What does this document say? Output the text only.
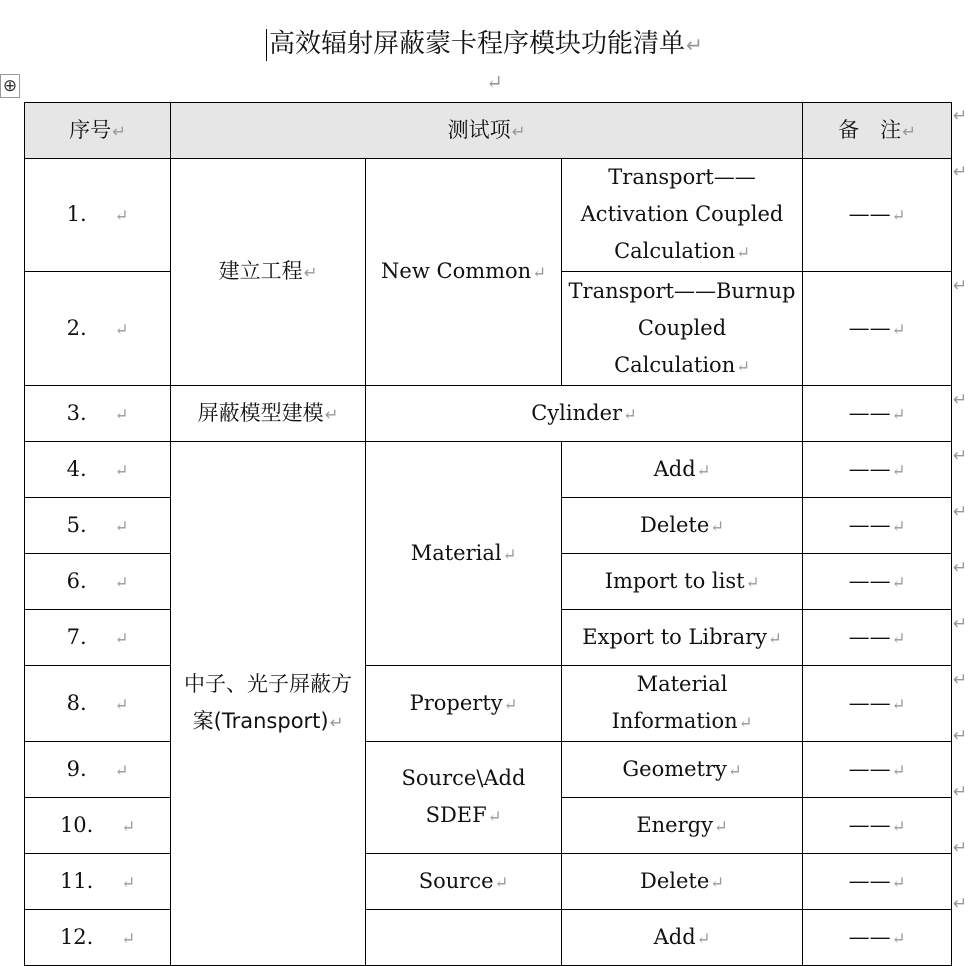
高效辐射屏蔽蒙卡程序模块功能清单↵
⊕	↵
序号↵	测试项↵			备　注↵
1. ↵	建立工程↵	New Common↵	Transport——Activation Coupled Calculation↵	——↵
2. ↵			Transport——Burnup Coupled Calculation↵	——↵
3. ↵	屏蔽模型建模↵	Cylinder↵		——↵
4. ↵	中子、光子屏蔽方案(Transport)↵	Material↵	Add↵	——↵
5. ↵			Delete↵	——↵
6. ↵			Import to list↵	——↵
7. ↵			Export to Library↵	——↵
8. ↵		Property↵	Material Information↵	——↵
9. ↵		Source\Add SDEF↵	Geometry↵	——↵
10. ↵			Energy↵	——↵
11. ↵		Source↵	Delete↵	——↵
12. ↵			Add↵	——↵
↵
↵
↵
↵
↵
↵
↵
↵
↵
↵
↵
↵
↵
